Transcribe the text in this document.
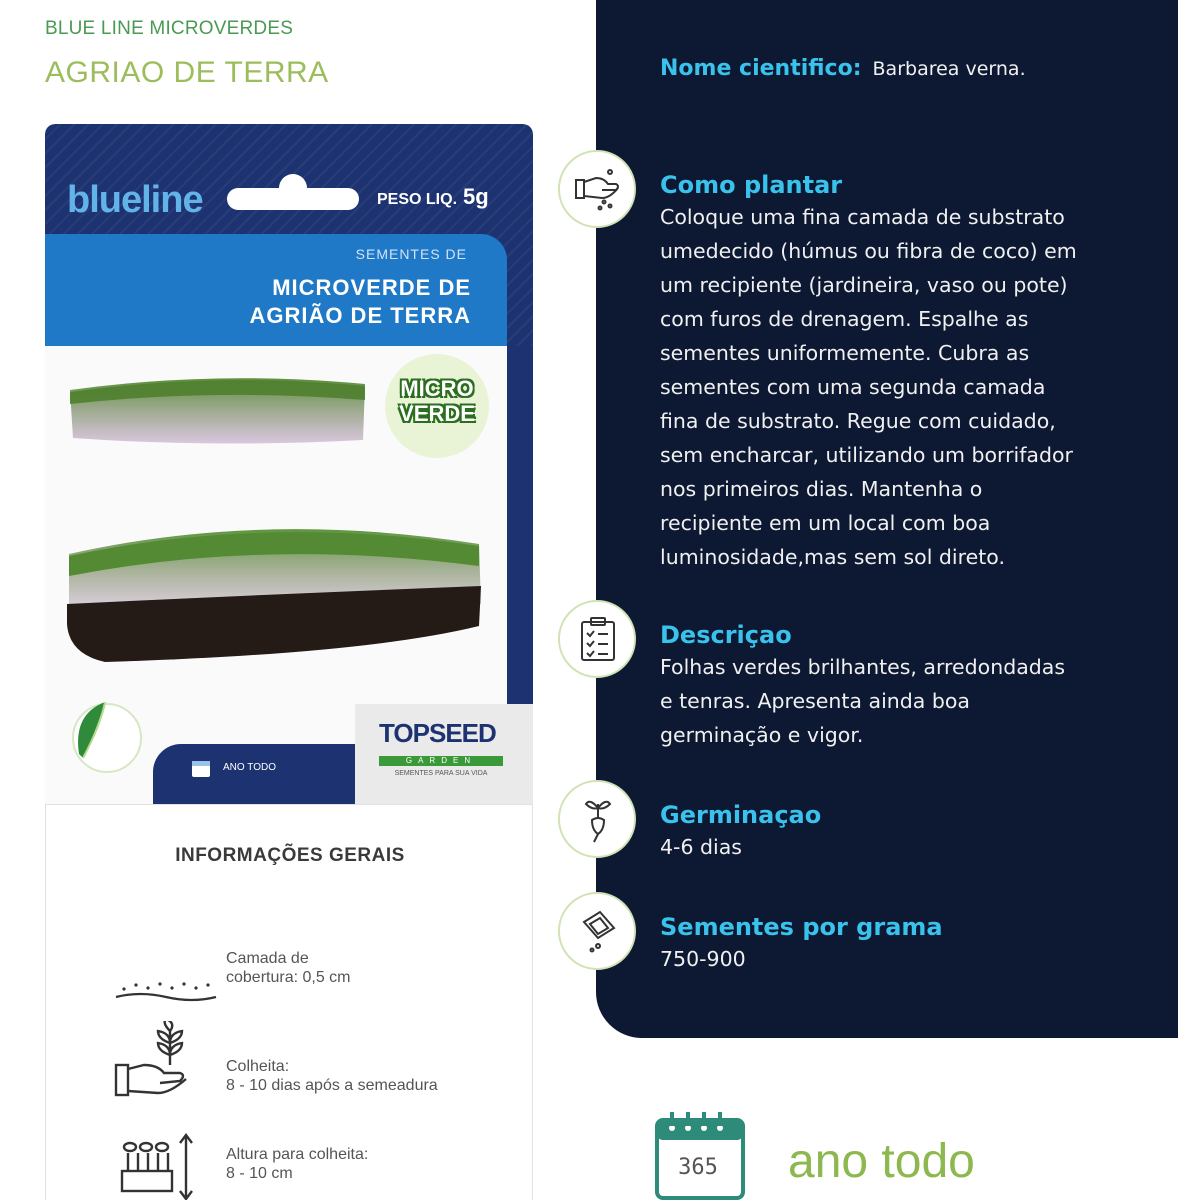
BLUE LINE MICROVERDES
AGRIAO DE TERRA
blueline	PESO LIQ. 5g
SEMENTES DE
MICROVERDE DE
AGRIÃO DE TERRA
MICRO
VERDE
ANO TODO
TOPSEED
GARDEN
SEMENTES PARA SUA VIDA
INFORMAÇÕES GERAIS
Camada de
cobertura: 0,5 cm
Colheita:
8 - 10 dias após a semeadura
Altura para colheita:
8 - 10 cm
Nome cientifico: Barbarea verna.
Como plantar
Coloque uma fina camada de substrato
umedecido (húmus ou fibra de coco) em
um recipiente (jardineira, vaso ou pote)
com furos de drenagem. Espalhe as
sementes uniformemente. Cubra as
sementes com uma segunda camada
fina de substrato. Regue com cuidado,
sem encharcar, utilizando um borrifador
nos primeiros dias. Mantenha o
recipiente em um local com boa
luminosidade,mas sem sol direto.
Descriçao
Folhas verdes brilhantes, arredondadas
e tenras. Apresenta ainda boa
germinação e vigor.
Germinaçao
4-6 dias
Sementes por grama
750-900
365 ano todo
